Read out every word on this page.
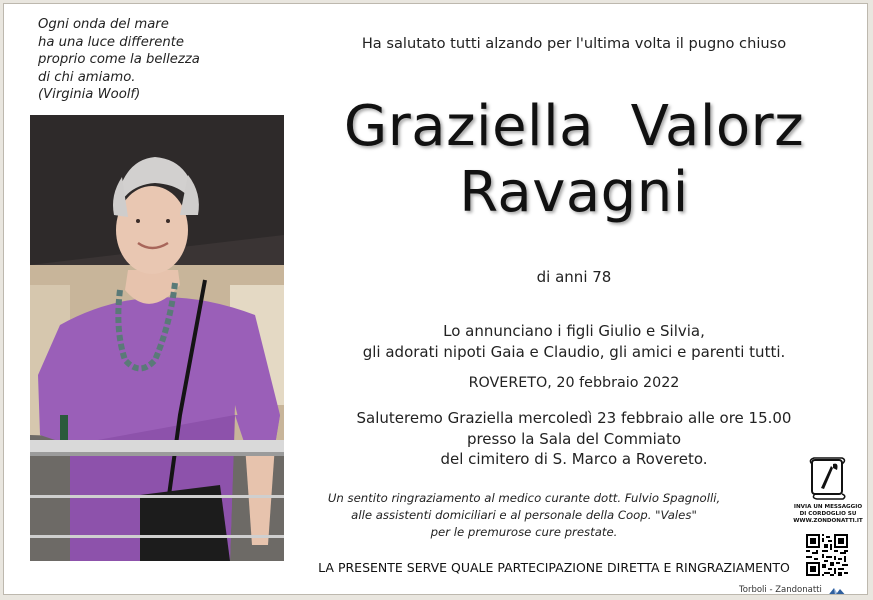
Ogni onda del mare
ha una luce differente
proprio come la bellezza
di chi amiamo.
(Virginia Woolf)
Ha salutato tutti alzando per l'ultima volta il pugno chiuso
Graziella  Valorz
Ravagni
di anni 78
Lo annunciano i figli Giulio e Silvia,
gli adorati nipoti Gaia e Claudio, gli amici e parenti tutti.
ROVERETO, 20 febbraio 2022
Saluteremo Graziella mercoledì 23 febbraio alle ore 15.00
presso la Sala del Commiato
del cimitero di S. Marco a Rovereto.
Un sentito ringraziamento al medico curante dott. Fulvio Spagnolli,
alle assistenti domiciliari e al personale della Coop. "Vales"
per le premurose cure prestate.
LA PRESENTE SERVE QUALE PARTECIPAZIONE DIRETTA E RINGRAZIAMENTO
INVIA UN MESSAGGIO
DI CORDOGLIO SU
WWW.ZONDONATTI.IT
Torboli - Zandonatti
